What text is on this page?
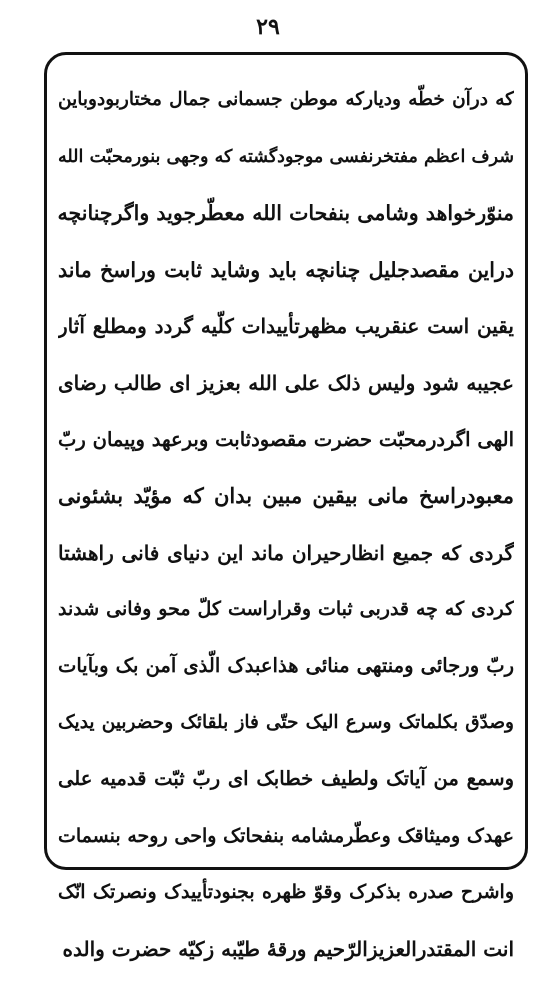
۲۹
که درآن خطّه ودیارکه موطن جسمانی جمال مختاربودوباین
شرف اعظم مفتخرنفسی موجودگشته که وجهی بنورمحبّت الله
منوّرخواهد وشامی بنفحات الله معطّرجوید واگرچنانچه
دراین مقصدجلیل چنانچه باید وشاید ثابت وراسخ ماند
یقین است عنقریب مظهرتأییدات کلّیه گردد ومطلع آثار
عجیبه شود ولیس ذلک علی الله بعزیز ای طالب رضای
الهی اگردرمحبّت حضرت مقصودثابت وبرعهد وپیمان ربّ
معبودراسخ مانی بیقین مبین بدان که مؤیّد بشئونی
گردی که جمیع انظارحیران ماند این دنیای فانی راهشتا
کردی که چه قدربی ثبات وقراراست کلّ محو وفانی شدند
ربّ ورجائی ومنتهی منائی هذاعبدک الّذی آمن بک وبآیات
وصدّق بکلماتک وسرع الیک حتّی فاز بلقائک وحضربین یدیک
وسمع من آیاتک ولطیف خطابک ای ربّ ثبّت قدمیه علی
عهدک ومیثاقک وعطّرمشامه بنفحاتک واحی روحه بنسمات
واشرح صدره بذکرک وقوّ ظهره بجنودتأییدک ونصرتک انّک
انت المقتدرالعزیزالرّحیم ورقهٔ طیّبه زکیّه حضرت والده
